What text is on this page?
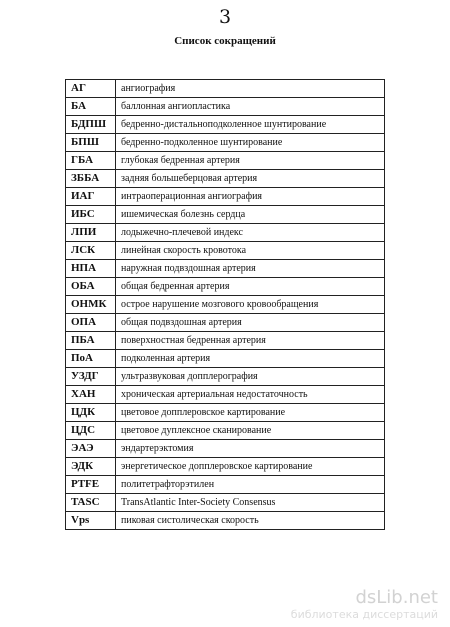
3
Список сокращений
АГ	ангиография
БА	баллонная ангиопластика
БДПШ	бедренно-дистальноподколенное шунтирование
БПШ	бедренно-подколенное шунтирование
ГБА	глубокая бедренная артерия
ЗББА	задняя большеберцовая артерия
ИАГ	интраоперационная ангиография
ИБС	ишемическая болезнь сердца
ЛПИ	лодыжечно-плечевой индекс
ЛСК	линейная скорость кровотока
НПА	наружная подвздошная артерия
ОБА	общая бедренная артерия
ОНМК	острое нарушение мозгового кровообращения
ОПА	общая подвздошная артерия
ПБА	поверхностная бедренная артерия
ПоА	подколенная артерия
УЗДГ	ультразвуковая допплерография
ХАН	хроническая артериальная недостаточность
ЦДК	цветовое допплеровское картирование
ЦДС	цветовое дуплексное сканирование
ЭАЭ	эндартерэктомия
ЭДК	энергетическое допплеровское картирование
PTFE	политетрафторэтилен
TASC	TransAtlantic Inter-Society Consensus
Vps	пиковая систолическая скорость
dsLib.net
библиотека диссертаций
